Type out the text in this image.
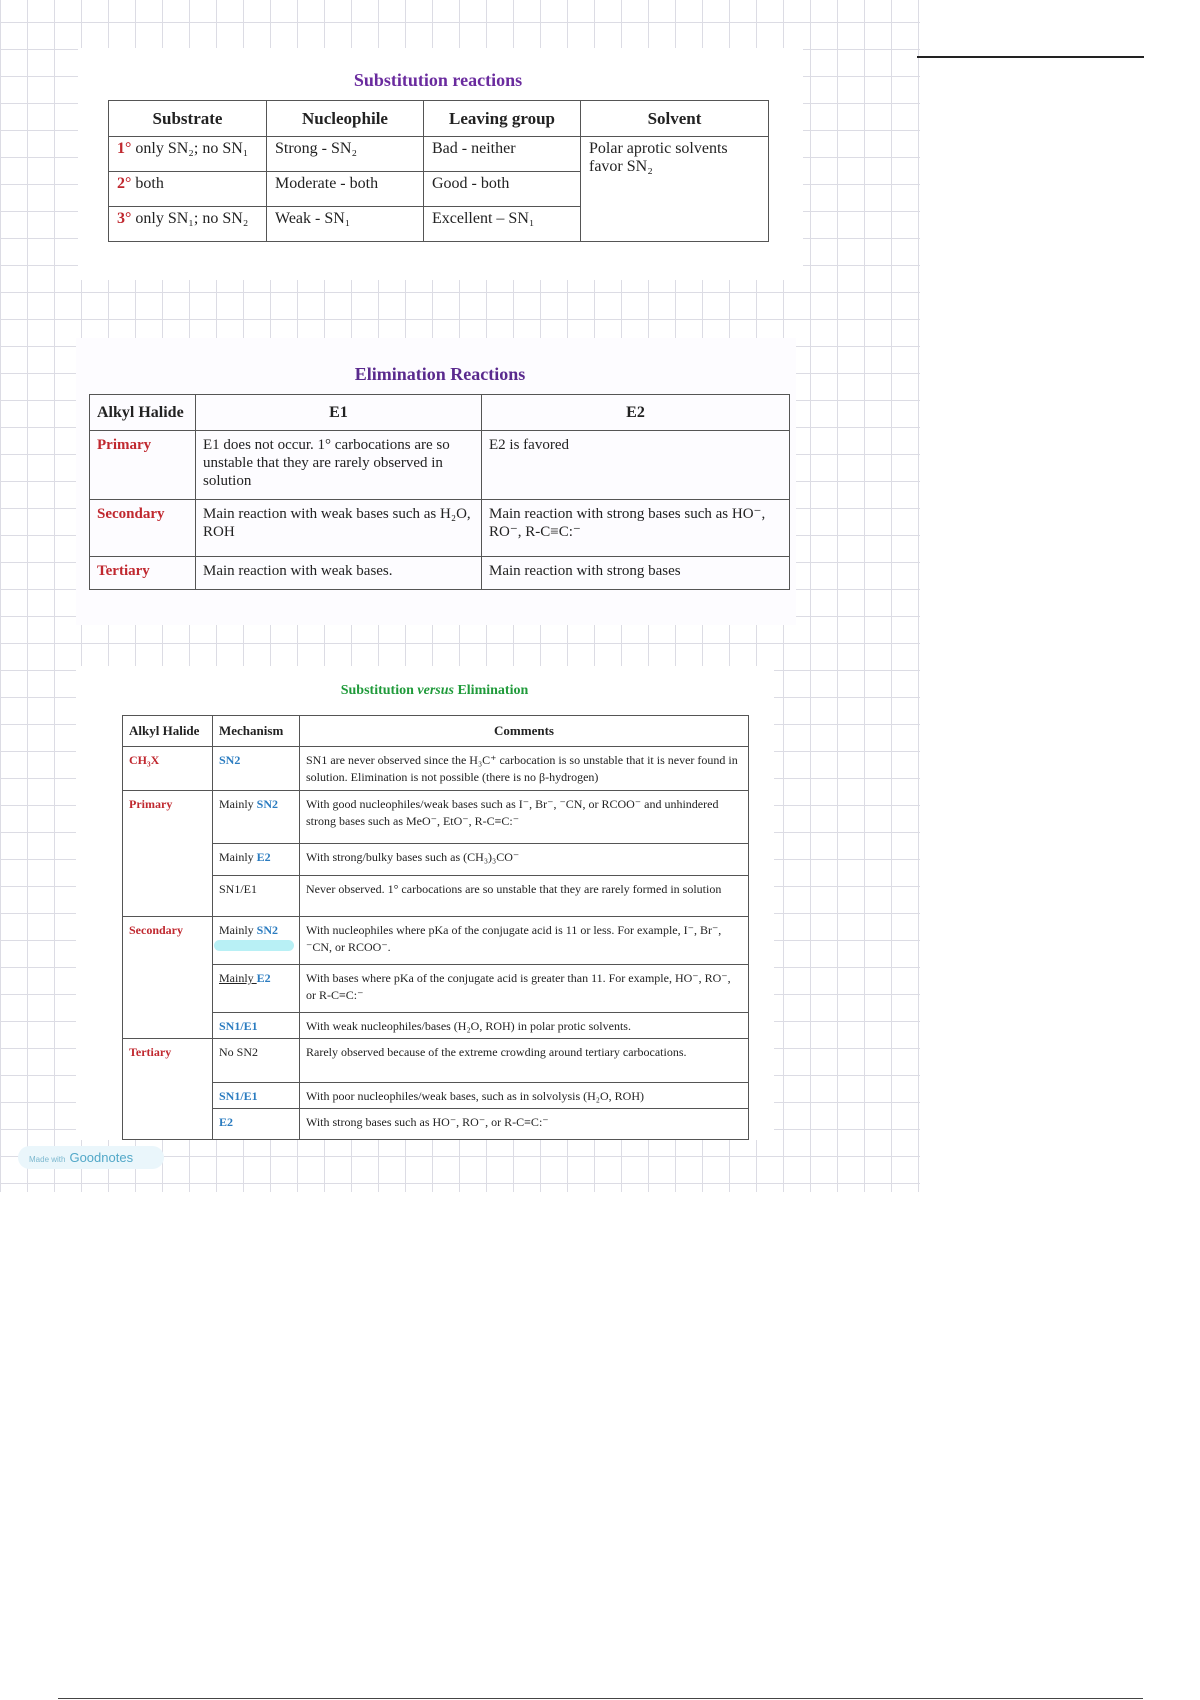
Substitution reactions
Substrate	Nucleophile	Leaving group	Solvent
1° only SN₂; no SN₁	Strong - SN₂	Bad - neither	Polar aprotic solvents favor SN₂
2° both	Moderate - both	Good - both	
3° only SN₁; no SN₂	Weak - SN₁	Excellent – SN₁	
Elimination Reactions
Alkyl Halide	E1	E2
Primary	E1 does not occur. 1° carbocations are so unstable that they are rarely observed in solution	E2 is favored
Secondary	Main reaction with weak bases such as H₂O, ROH	Main reaction with strong bases such as HO⁻, RO⁻, R-C≡C:⁻
Tertiary	Main reaction with weak bases.	Main reaction with strong bases
Substitution versus Elimination
Alkyl Halide	Mechanism	Comments
CH₃X	SN2	SN1 are never observed since the H₃C⁺ carbocation is so unstable that it is never found in solution. Elimination is not possible (there is no β-hydrogen)
Primary	Mainly SN2	With good nucleophiles/weak bases such as I⁻, Br⁻, ⁻CN, or RCOO⁻ and unhindered strong bases such as MeO⁻, EtO⁻, R-C≡C:⁻
	Mainly E2	With strong/bulky bases such as (CH₃)₃CO⁻
	SN1/E1	Never observed. 1° carbocations are so unstable that they are rarely formed in solution
Secondary	Mainly SN2	With nucleophiles where pKa of the conjugate acid is 11 or less. For example, I⁻, Br⁻, ⁻CN, or RCOO⁻.
	Mainly E2	With bases where pKa of the conjugate acid is greater than 11. For example, HO⁻, RO⁻, or R-C≡C:⁻
	SN1/E1	With weak nucleophiles/bases (H₂O, ROH) in polar protic solvents.
Tertiary	No SN2	Rarely observed because of the extreme crowding around tertiary carbocations.
	SN1/E1	With poor nucleophiles/weak bases, such as in solvolysis (H₂O, ROH)
	E2	With strong bases such as HO⁻, RO⁻, or R-C≡C:⁻
Made with Goodnotes
